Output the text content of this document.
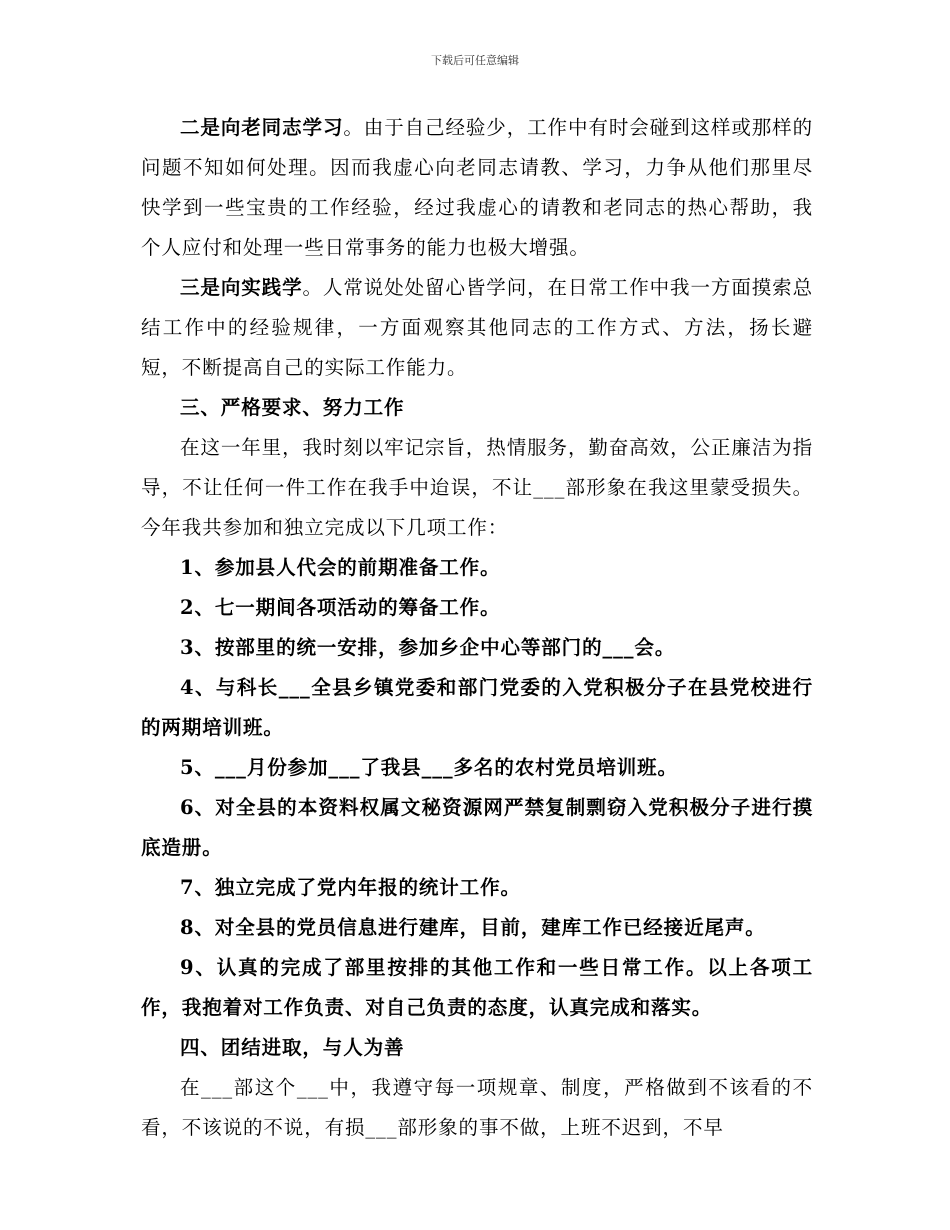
下载后可任意编辑

二是向老同志学习。由于自己经验少，工作中有时会碰到这样或那样的问题不知如何处理。因而我虚心向老同志请教、学习，力争从他们那里尽快学到一些宝贵的工作经验，经过我虚心的请教和老同志的热心帮助，我个人应付和处理一些日常事务的能力也极大增强。

三是向实践学。人常说处处留心皆学问，在日常工作中我一方面摸索总结工作中的经验规律，一方面观察其他同志的工作方式、方法，扬长避短，不断提高自己的实际工作能力。

三、严格要求、努力工作

在这一年里，我时刻以牢记宗旨，热情服务，勤奋高效，公正廉洁为指导，不让任何一件工作在我手中迨误，不让___部形象在我这里蒙受损失。今年我共参加和独立完成以下几项工作：

1、参加县人代会的前期准备工作。

2、七一期间各项活动的筹备工作。

3、按部里的统一安排，参加乡企中心等部门的___会。

4、与科长___全县乡镇党委和部门党委的入党积极分子在县党校进行的两期培训班。

5、___月份参加___了我县___多名的农村党员培训班。

6、对全县的本资料权属文秘资源网严禁复制剽窃入党积极分子进行摸底造册。

7、独立完成了党内年报的统计工作。

8、对全县的党员信息进行建库，目前，建库工作已经接近尾声。

9、认真的完成了部里按排的其他工作和一些日常工作。以上各项工作，我抱着对工作负责、对自己负责的态度，认真完成和落实。

四、团结进取，与人为善

在___部这个___中，我遵守每一项规章、制度，严格做到不该看的不看，不该说的不说，有损___部形象的事不做，上班不迟到，不早
